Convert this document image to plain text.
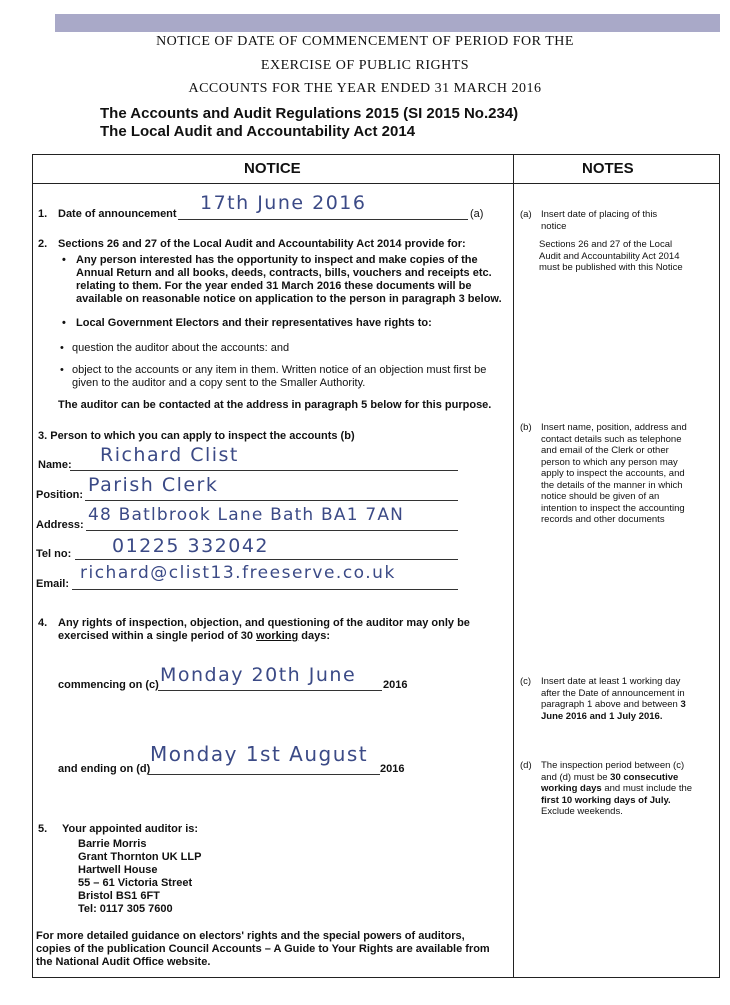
NOTICE OF DATE OF COMMENCEMENT OF PERIOD FOR THE
EXERCISE OF PUBLIC RIGHTS
ACCOUNTS FOR THE YEAR ENDED 31 MARCH 2016
The Accounts and Audit Regulations 2015 (SI 2015 No.234)
The Local Audit and Accountability Act 2014
NOTICE	NOTES
1. Date of announcement 17th June 2016	(a)
2. Sections 26 and 27 of the Local Audit and Accountability Act 2014 provide for:
• Any person interested has the opportunity to inspect and make copies of the
Annual Return and all books, deeds, contracts, bills, vouchers and receipts etc.
relating to them. For the year ended 31 March 2016 these documents will be
available on reasonable notice on application to the person in paragraph 3 below.
• Local Government Electors and their representatives have rights to:
• question the auditor about the accounts: and
• object to the accounts or any item in them. Written notice of an objection must first be
given to the auditor and a copy sent to the Smaller Authority.
The auditor can be contacted at the address in paragraph 5 below for this purpose.
3. Person to which you can apply to inspect the accounts (b)
Name: Richard Clist
Position: Parish Clerk
Address: 48 Batlbrook Lane Bath BA1 7AN
Tel no: 01225 332042
Email:
richard@clist13.freeserve.co.uk
4. Any rights of inspection, objection, and questioning of the auditor may only be
exercised within a single period of 30 working days:
commencing on (c) Monday 20th June 2016
and ending on (d)
Monday 1st August
2016
5. Your appointed auditor is:
Barrie Morris
Grant Thornton UK LLP
Hartwell House
55 – 61 Victoria Street
Bristol BS1 6FT
Tel: 0117 305 7600
For more detailed guidance on electors' rights and the special powers of auditors,
copies of the publication Council Accounts – A Guide to Your Rights are available from
the National Audit Office website.
(a) Insert date of placing of this notice
Sections 26 and 27 of the Local Audit and Accountability Act 2014 must be published with this Notice
(b) Insert name, position, address and contact details such as telephone and email of the Clerk or other person to which any person may apply to inspect the accounts, and the details of the manner in which notice should be given of an intention to inspect the accounting records and other documents
(c)	Insert date at least 1 working day after the Date of announcement in paragraph 1 above and between 3 June 2016 and 1 July 2016.
(d) The inspection period between (c) and (d) must be 30 consecutive working days and must include the first 10 working days of July. Exclude weekends.
